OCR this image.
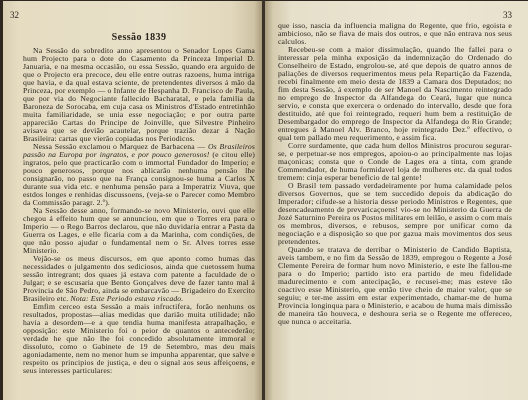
32

Sessão 1839

Na Sessão do sobredito anno apresentou o Senador Lopes Gama hum Projecto para o dote do Casamento da Princeza Imperial D. Januaria, e na mesma occasião, ou essa Sessão, quando era arguido de que o Projecto era precoce, deu elle entre outras razoens, huma intriga que havia, e da qual estava sciente, de pretendentes diversos á mão da Princeza, por exemplo — o Infante de Hespanha D. Francisco de Paula, que por via do Negociante fallecido Bacharatal, e pela familia da Baroneza de Sorocaba, em cuja casa os Ministros d'Estado entretinhão muita familiaridade, se unia esse negociação; e por outra parte apparecião Cartas do Principe de Joinville, que Silvestre Pinheiro avisava que se devião acautelar, porque trazião dezar á Nação Brasileira: cartas que vierão copiadas nos Periodicos.

Nessa Sessão exclamou o Marquez de Barbacena — Os Brasileiros passão na Europa por ingratos, e por pouco generosos! (e citou elle) ingratos, pelo que practicarão com o immortal Fundador do Imperio; e pouco generosos, porque nos ablicarão nenhuma pensão lhe consignarão, no passo que na França consignou-se huma a Carlos X durante sua vida etc. e nenhuma pensão para a Imperatriz Viuva, que estdos longes e renhidas discussoens, (veja-se o Parecer como Membro da Commissão paragr. 2.º).

Na Sessão desse anno, formando-se novo Ministerio, ouvi que elle chegou á effeito hum que se annunciou, em que o Torres era para o Imperio — o Rego Barros declarou, que não duvidaria entrar a Pasta da Guerra os Lages, e elle ficaria com a da Marinha, com condições, de que não posso ajudar o fundamental nem o Sr. Alves torres esse Ministerio.

Vejão-se os meus discursos, em que aponto como humas das necessidades o julgamento dos sediciosos, ainda que cuetossem huma sessão intregrant; dos quaes já estava com patente a faculdade de o Julgar; e se escusaria que Bento Gonçalves deve de fazer tanto mal á Provincia de São Pedro, ainda se embarcavão — Brigadeiro do Exercito Brasileiro etc. Nota: Este Periodo estava riscado.

Emfim cerceo esta Sessão a mais infructifera, forão nenhuns os resultados, propostas—alias medidas que darião muita utilidade; não havia a desordem—e a que tendia huma manifesta atrapalhação, e opposição: este Ministerio foi o peior de quantos o antecederão; verdade he que não lhe foi concedido absolutamente immoral e dissoluto, como o Gabinete de 19 de Setembro, mas deu mais agoniadamente, nem no menor hum se impunha apparentar, que salve e respeito os principios de justiça, e deu o signal aos seus affeiçoens, e seus interesses particulares:

33

que isso, nascia da influencia maligna do Regente, que frio, egoista e ambicioso, não se fiava de mais dos outros, e que não entrava nos seus calculos.

Recebeu-se com a maior dissimulação, quando lhe fallei para o interessar pela minha exposição da indemnização do Ordenado do Conselheiro de Estado, engrolou-se, até que depois de quatro annos de paliações de diversos requerimentos meus pela Repartição da Fazenda, recebi finalmente em meio desta de 1839 a Camara dos Deputados; no fim desta Sessão, á exemplo de ser Manoel da Nascimento reintegrado no emprego de Inspector da Alfandega do Ceará, lugar que nunca servio, e consta que exercera o ordenado do intervallo, desde que fora destituido, até que foi reintegrado, requeri hum bem a restituição de Desembargador do emprego de Inspector da Alfandega do Rio Grande; entregues á Manoel Alv. Branco, hoje reintegrado Dez.º effectivo, o qual tem pallado meu requerimento, e assim fica.

Corre surdamente, que cada hum dellos Ministros procurou segurar-se, e perpetuar-se nos empregos, apoiou-o ao principalmente nas lojas maçonicas; consta que o Conde de Lages era a tinta, com grande Commendador, de huma formidavel loja de mulheres etc. da qual todos tremem: cinja esperar beneficio de tal gente!

O Brasil tem passado verdadeiramente por huma calamidade pelos diversos Governos, que se tem succedido depois da abdicação do Imperador; cifude-se a historia desse periodo Ministros e Regentes, que desencadeamento de prevaricaçoens! vio-se no Ministerio da Guerra de Jozé Saturnino Pereira os Postos militares em leilão, e assim o com mais os membros, diversos, e rebusos, sempre por unificar como da negociação e a disposição so que por gazua mais movimentos dos seus pretendentes.

Quando se tratava de derribar o Ministerio de Candido Baptista, aveis tambem, e no fim da Sessão de 1839, empregou o Regente a José Clemente Pereira de formar hum novo Ministerio, e este lhe fallou-me para o do Imperio; partido isto era partido de meu fidelidade madurecimento e com antecipação, e recusei-me; mas esteve tão coactivo esse Ministerio, que então tive cheio de maior valor, que se seguiu; e ter-me assim em estar experimentado, chamar-me de huma Provincia longinqua para o Ministerio, e acabou de huma mais dimissão de maneira tão houveca, e deshoura seria se o Regente me offereceo, que nunca o acceitaria.
